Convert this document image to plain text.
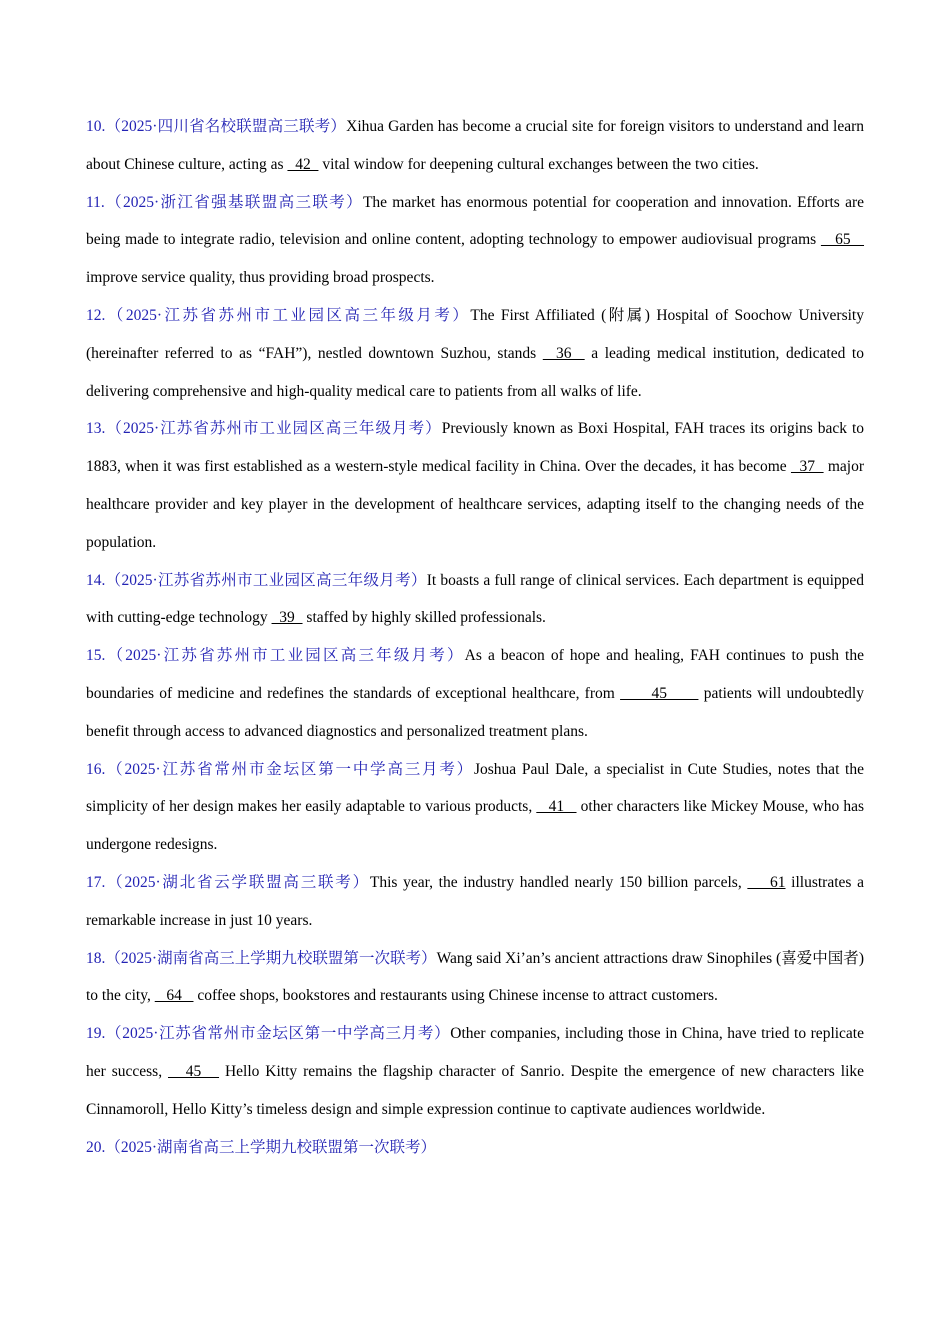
10.（2025·四川省名校联盟高三联考）Xihua Garden has become a crucial site for foreign visitors to understand and learn about Chinese culture, acting as   42   vital window for deepening cultural exchanges between the two cities.

11.（2025·浙江省强基联盟高三联考）The market has enormous potential for cooperation and innovation. Efforts are being made to integrate radio, television and online content, adopting technology to empower audiovisual programs    65    improve service quality, thus providing broad prospects.

12.（2025·江苏省苏州市工业园区高三年级月考）The First Affiliated (附属) Hospital of Soochow University (hereinafter referred to as “FAH”), nestled downtown Suzhou, stands   36   a leading medical institution, dedicated to delivering comprehensive and high-quality medical care to patients from all walks of life.

13.（2025·江苏省苏州市工业园区高三年级月考）Previously known as Boxi Hospital, FAH traces its origins back to 1883, when it was first established as a western-style medical facility in China. Over the decades, it has become   37   major healthcare provider and key player in the development of healthcare services, adapting itself to the changing needs of the population.

14.（2025·江苏省苏州市工业园区高三年级月考）It boasts a full range of clinical services. Each department is equipped with cutting-edge technology   39   staffed by highly skilled professionals.

15.（2025·江苏省苏州市工业园区高三年级月考）As a beacon of hope and healing, FAH continues to push the boundaries of medicine and redefines the standards of exceptional healthcare, from       45       patients will undoubtedly benefit through access to advanced diagnostics and personalized treatment plans.

16.（2025·江苏省常州市金坛区第一中学高三月考）Joshua Paul Dale, a specialist in Cute Studies, notes that the simplicity of her design makes her easily adaptable to various products,    41    other characters like Mickey Mouse, who has undergone redesigns.

17.（2025·湖北省云学联盟高三联考）This year, the industry handled nearly 150 billion parcels,     61 illustrates a remarkable increase in just 10 years.

18.（2025·湖南省高三上学期九校联盟第一次联考）Wang said Xi’an’s ancient attractions draw Sinophiles (喜爱中国者) to the city,    64    coffee shops, bookstores and restaurants using Chinese incense to attract customers.

19.（2025·江苏省常州市金坛区第一中学高三月考）Other companies, including those in China, have tried to replicate her success,    45    Hello Kitty remains the flagship character of Sanrio. Despite the emergence of new characters like Cinnamoroll, Hello Kitty’s timeless design and simple expression continue to captivate audiences worldwide.

20.（2025·湖南省高三上学期九校联盟第一次联考）
